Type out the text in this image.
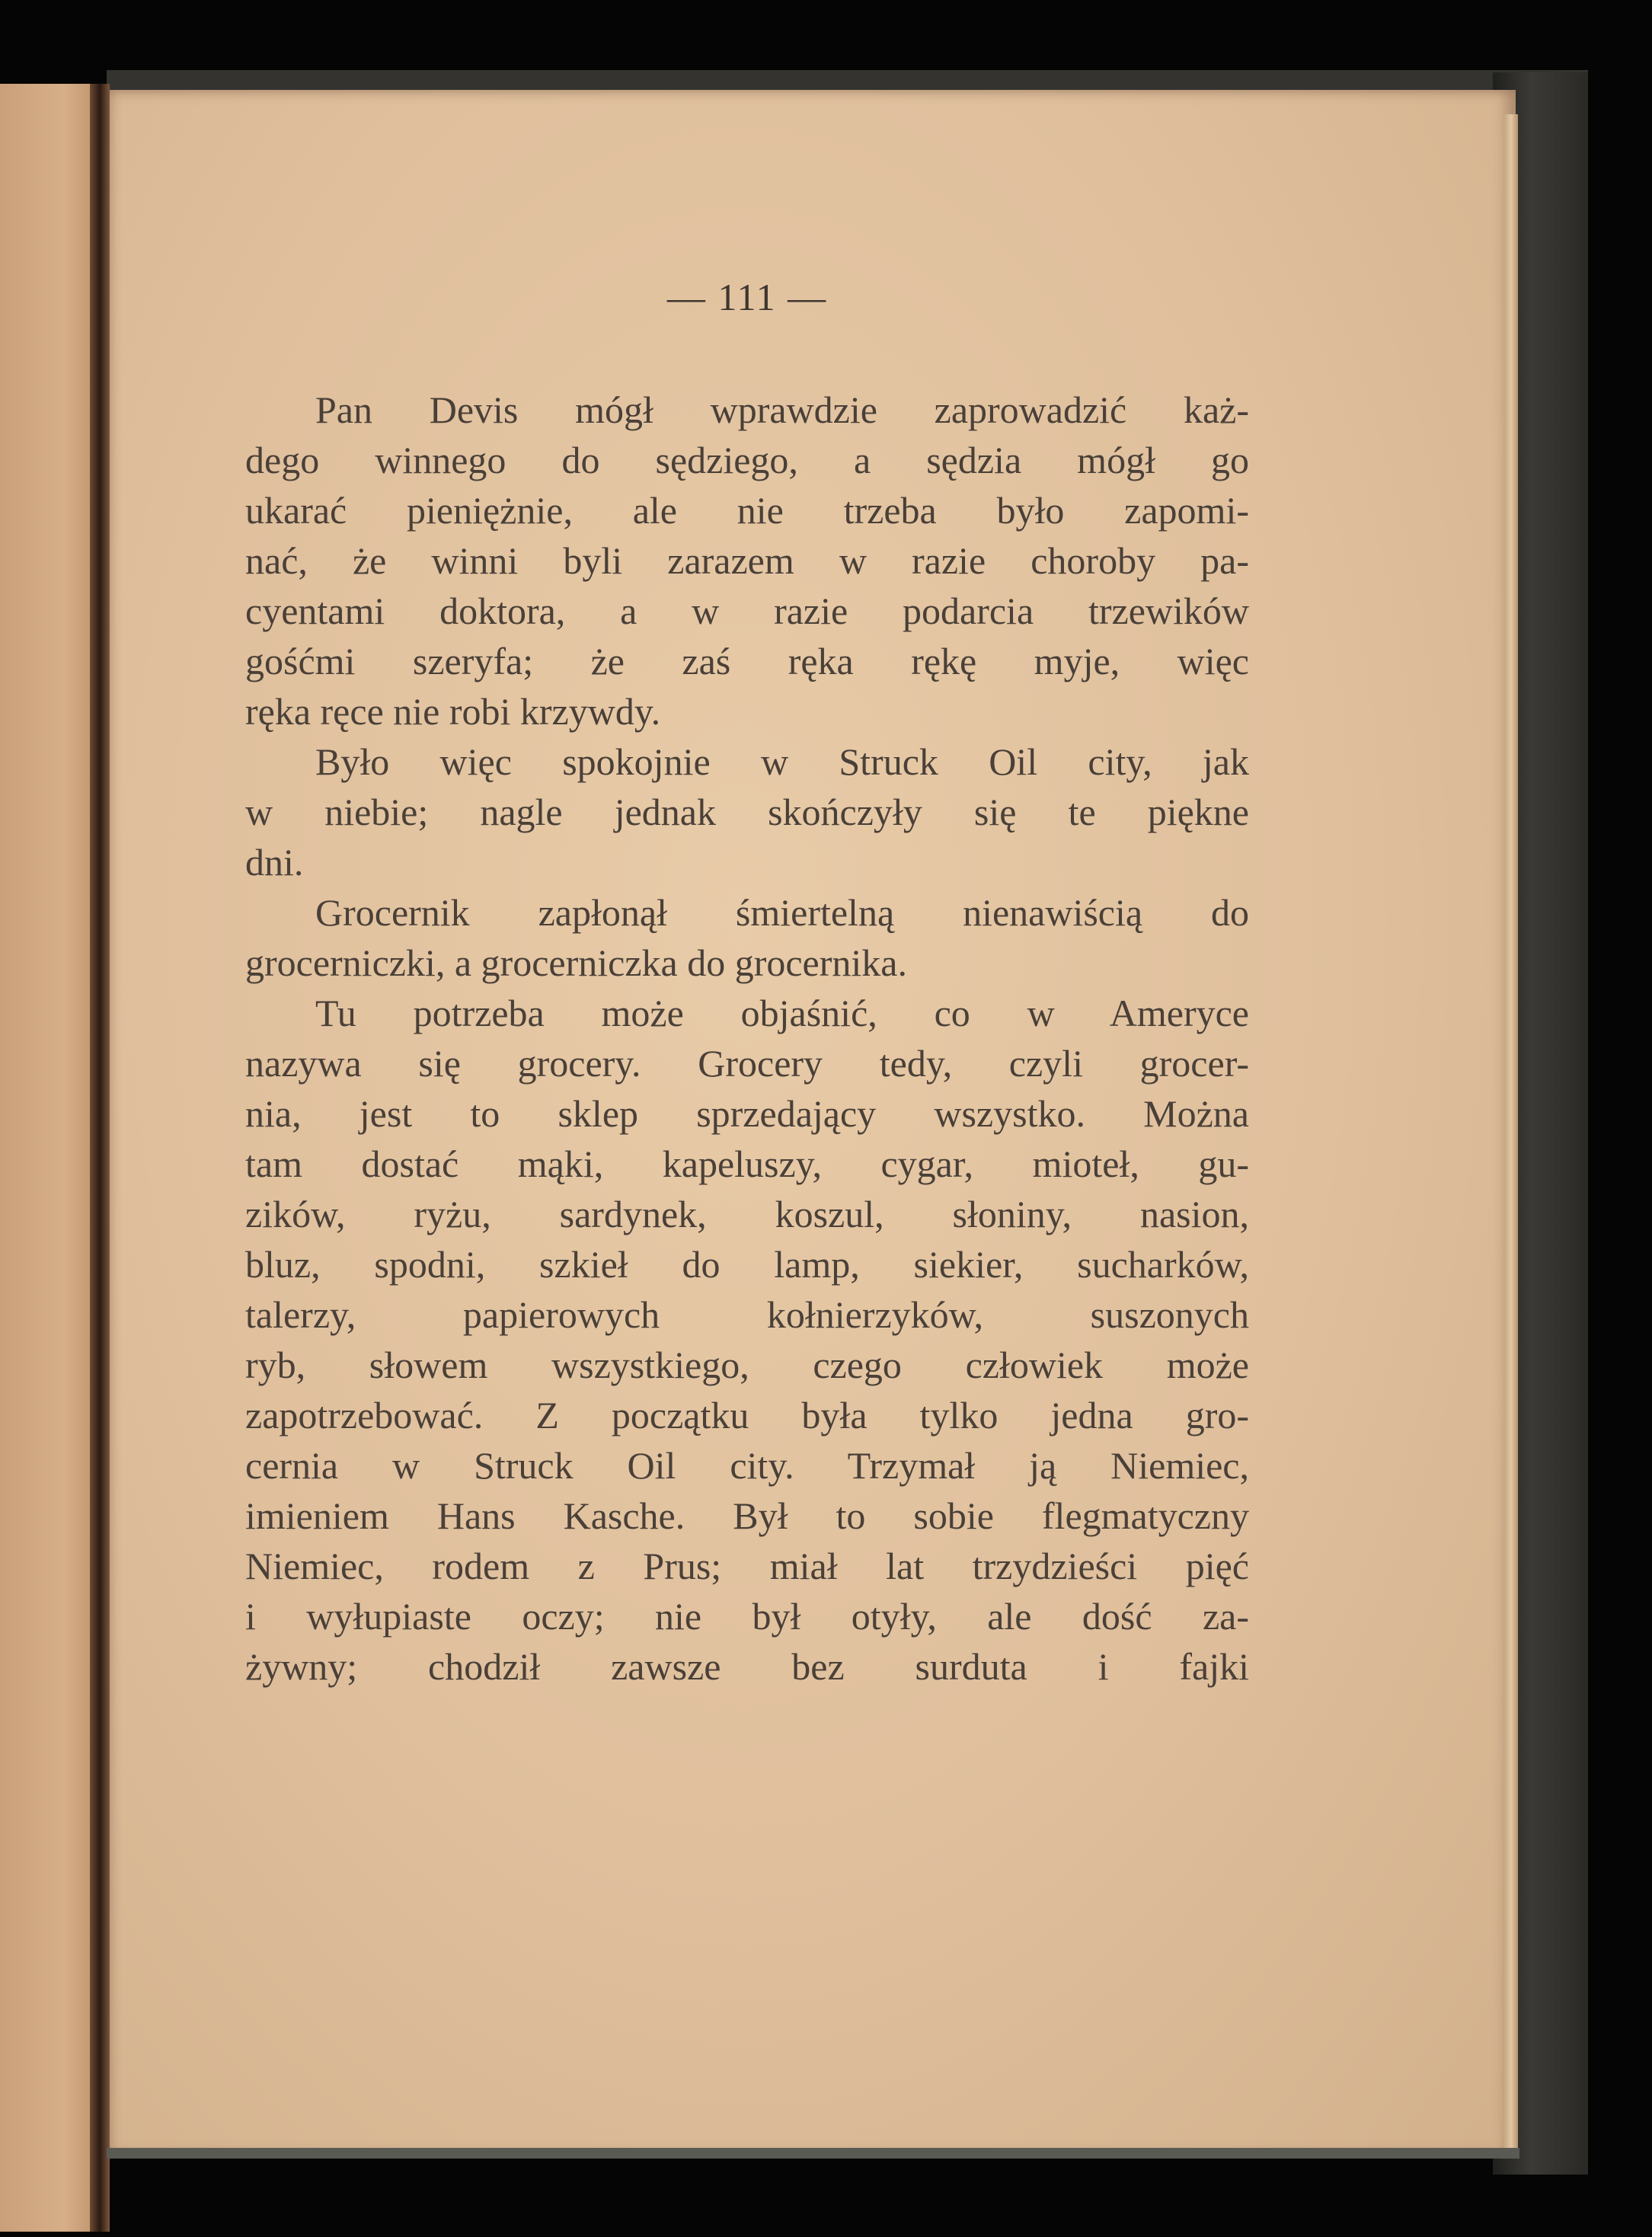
— 111 —
Pan Devis mógł wprawdzie zaprowadzić każ-
dego winnego do sędziego, a sędzia mógł go
ukarać pieniężnie, ale nie trzeba było zapomi-
nać, że winni byli zarazem w razie choroby pa-
cyentami doktora, a w razie podarcia trzewików
gośćmi szeryfa; że zaś ręka rękę myje, więc
ręka ręce nie robi krzywdy.
Było więc spokojnie w Struck Oil city, jak
w niebie; nagle jednak skończyły się te piękne
dni.
Grocernik zapłonął śmiertelną nienawiścią do
grocerniczki, a grocerniczka do grocernika.
Tu potrzeba może objaśnić, co w Ameryce
nazywa się grocery. Grocery tedy, czyli grocer-
nia, jest to sklep sprzedający wszystko. Można
tam dostać mąki, kapeluszy, cygar, mioteł, gu-
zików, ryżu, sardynek, koszul, słoniny, nasion,
bluz, spodni, szkieł do lamp, siekier, sucharków,
talerzy, papierowych kołnierzyków, suszonych
ryb, słowem wszystkiego, czego człowiek może
zapotrzebować. Z początku była tylko jedna gro-
cernia w Struck Oil city. Trzymał ją Niemiec,
imieniem Hans Kasche. Był to sobie flegmatyczny
Niemiec, rodem z Prus; miał lat trzydzieści pięć
i wyłupiaste oczy; nie był otyły, ale dość za-
żywny; chodził zawsze bez surduta i fajki
